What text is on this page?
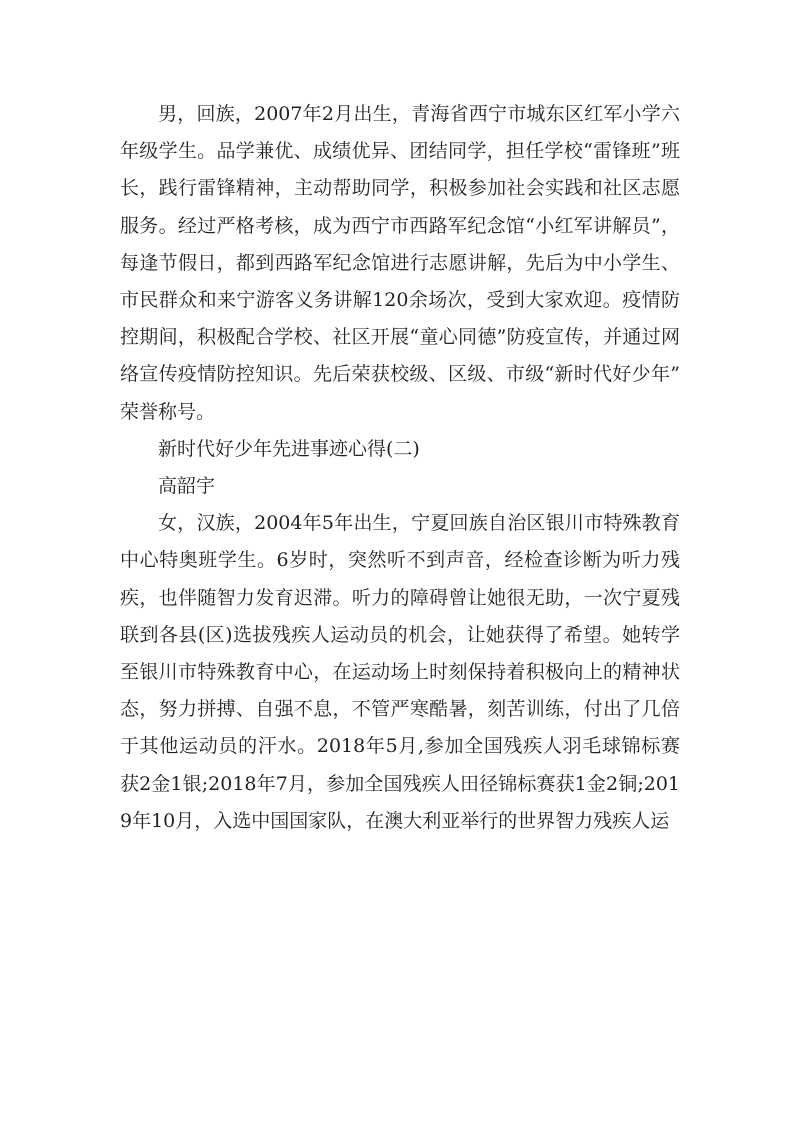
男，回族，2007年2月出生，青海省西宁市城东区红军小学六年级学生。品学兼优、成绩优异、团结同学，担任学校“雷锋班”班长，践行雷锋精神，主动帮助同学，积极参加社会实践和社区志愿服务。经过严格考核，成为西宁市西路军纪念馆“小红军讲解员”，每逢节假日，都到西路军纪念馆进行志愿讲解，先后为中小学生、市民群众和来宁游客义务讲解120余场次，受到大家欢迎。疫情防控期间，积极配合学校、社区开展“童心同德”防疫宣传，并通过网络宣传疫情防控知识。先后荣获校级、区级、市级“新时代好少年”荣誉称号。

新时代好少年先进事迹心得(二)

高韶宇

女，汉族，2004年5年出生，宁夏回族自治区银川市特殊教育中心特奥班学生。6岁时，突然听不到声音，经检查诊断为听力残疾，也伴随智力发育迟滞。听力的障碍曾让她很无助，一次宁夏残联到各县(区)选拔残疾人运动员的机会，让她获得了希望。她转学至银川市特殊教育中心，在运动场上时刻保持着积极向上的精神状态，努力拼搏、自强不息，不管严寒酷暑，刻苦训练，付出了几倍于其他运动员的汗水。2018年5月,参加全国残疾人羽毛球锦标赛获2金1银;2018年7月，参加全国残疾人田径锦标赛获1金2铜;2019年10月，入选中国国家队，在澳大利亚举行的世界智力残疾人运
